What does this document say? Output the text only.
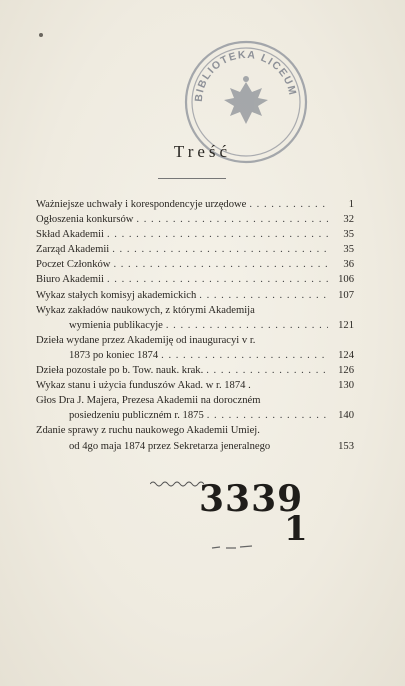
BIBLIOTEKA LICEUM
Treść
Ważniejsze uchwały i korespondencyje urzędowe . . .	1
Ogłoszenia konkursów . . .	32
Skład Akademii . . .	35
Zarząd Akademii . . .	35
Poczet Członków . . .	36
Biuro Akademii . . .	106
Wykaz stałych komisyj akademickich . . .	107
Wykaz zakładów naukowych, z którymi Akademija
wymienia publikacyje . . .	121
Dzieła wydane przez Akademiję od inauguracyi v r.
1873 po koniec 1874 . . .	124
Dzieła pozostałe po b. Tow. nauk. krak. . . .	126
Wykaz stanu i użycia funduszów Akad. w r. 1874 .	130
Głos Dra J. Majera, Prezesa Akademii na doroczném
posiedzeniu publiczném r. 1875 . . .	140
Zdanie sprawy z ruchu naukowego Akademii Umiej.
od 4go maja 1874 przez Sekretarza jeneralnego	153
3339
1
